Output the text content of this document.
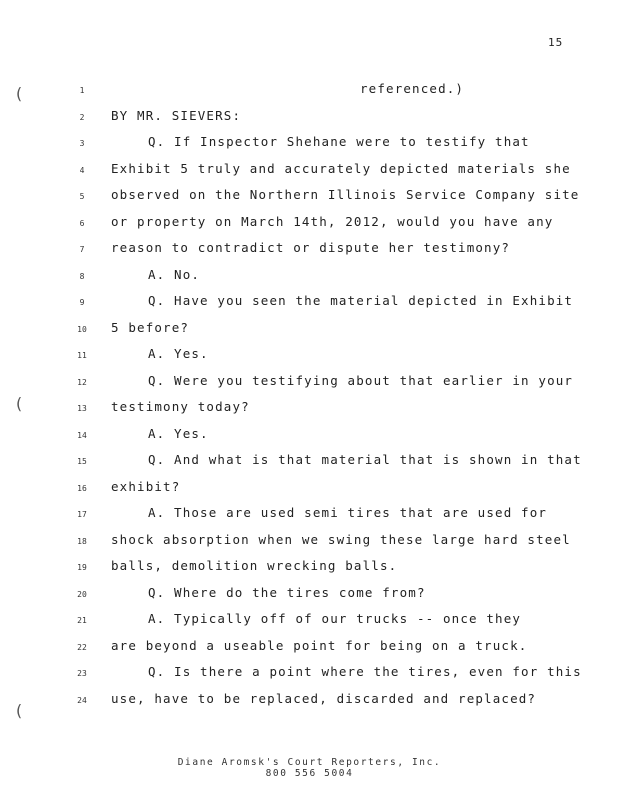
15
(
(
(
1	referenced.)
2	BY MR. SIEVERS:
3	Q. If Inspector Shehane were to testify that
4	Exhibit 5 truly and accurately depicted materials she
5	observed on the Northern Illinois Service Company site
6	or property on March 14th, 2012, would you have any
7	reason to contradict or dispute her testimony?
8	A. No.
9	Q. Have you seen the material depicted in Exhibit
10	5 before?
11	A. Yes.
12	Q. Were you testifying about that earlier in your
13	testimony today?
14	A. Yes.
15	Q. And what is that material that is shown in that
16	exhibit?
17	A. Those are used semi tires that are used for
18	shock absorption when we swing these large hard steel
19	balls, demolition wrecking balls.
20	Q. Where do the tires come from?
21	A. Typically off of our trucks -- once they
22	are beyond a useable point for being on a truck.
23	Q. Is there a point where the tires, even for this
24	use, have to be replaced, discarded and replaced?
Diane Aromsk's Court Reporters, Inc.
800 556 5004
